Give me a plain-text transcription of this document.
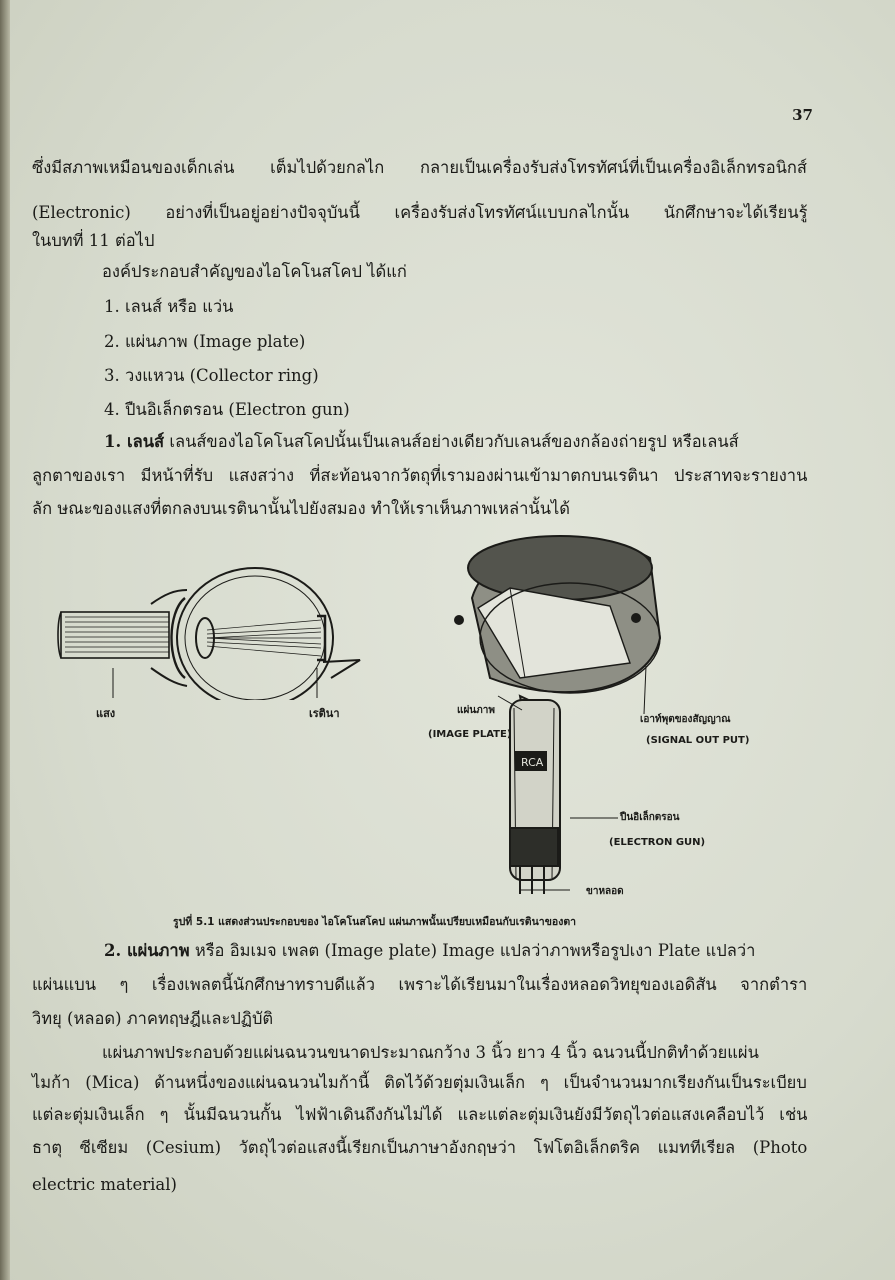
37
ซึ่งมีสภาพเหมือนของเด็กเล่น เต็มไปด้วยกลไก กลายเป็นเครื่องรับส่งโทรทัศน์ที่เป็นเครื่องอิเล็กทรอนิกส์
(Electronic) อย่างที่เป็นอยู่อย่างปัจจุบันนี้ เครื่องรับส่งโทรทัศน์แบบกลไกนั้น นักศึกษาจะได้เรียนรู้
ในบทที่ 11 ต่อไป
องค์ประกอบสำคัญของไอโคโนสโคป ได้แก่
1. เลนส์ หรือ แว่น
2. แผ่นภาพ (Image plate)
3. วงแหวน (Collector ring)
4. ปืนอิเล็กตรอน (Electron gun)
1. เลนส์ เลนส์ของไอโคโนสโคปนั้นเป็นเลนส์อย่างเดียวกับเลนส์ของกล้องถ่ายรูป หรือเลนส์
ลูกตาของเรา มีหน้าที่รับ แสงสว่าง ที่สะท้อนจากวัตถุที่เรามองผ่านเข้ามาตกบนเรตินา ประสาทจะรายงาน
ลัก ษณะของแสงที่ตกลงบนเรตินานั้นไปยังสมอง ทำให้เราเห็นภาพเหล่านั้นได้
แสง	เรตินา
RCA
แผ่นภาพ
(IMAGE PLATE)
เอาท์พุตของสัญญาณ
(SIGNAL OUT PUT)
ปืนอิเล็กตรอน
(ELECTRON GUN)
ขาหลอด
รูปที่ 5.1 แสดงส่วนประกอบของ ไอโคโนสโคป แผ่นภาพนั้นเปรียบเหมือนกับเรตินาของตา
2. แผ่นภาพ หรือ อิมเมจ เพลต (Image plate) Image แปลว่าภาพหรือรูปเงา Plate แปลว่า
แผ่นแบน ๆ เรื่องเพลตนี้นักศึกษาทราบดีแล้ว เพราะได้เรียนมาในเรื่องหลอดวิทยุของเอดิสัน จากตำรา
วิทยุ (หลอด) ภาคทฤษฎีและปฏิบัติ
แผ่นภาพประกอบด้วยแผ่นฉนวนขนาดประมาณกว้าง 3 นิ้ว ยาว 4 นิ้ว ฉนวนนี้ปกติทำด้วยแผ่น
ไมก้า (Mica) ด้านหนึ่งของแผ่นฉนวนไมก้านี้ ติดไว้ด้วยตุ่มเงินเล็ก ๆ เป็นจำนวนมากเรียงกันเป็นระเบียบ
แต่ละตุ่มเงินเล็ก ๆ นั้นมีฉนวนกั้น ไฟฟ้าเดินถึงกันไม่ได้ และแต่ละตุ่มเงินยังมีวัตถุไวต่อแสงเคลือบไว้ เช่น
ธาตุ ซีเซียม (Cesium) วัตถุไวต่อแสงนี้เรียกเป็นภาษาอังกฤษว่า โฟโตอิเล็กตริค แมททีเรียล (Photo
electric material)
